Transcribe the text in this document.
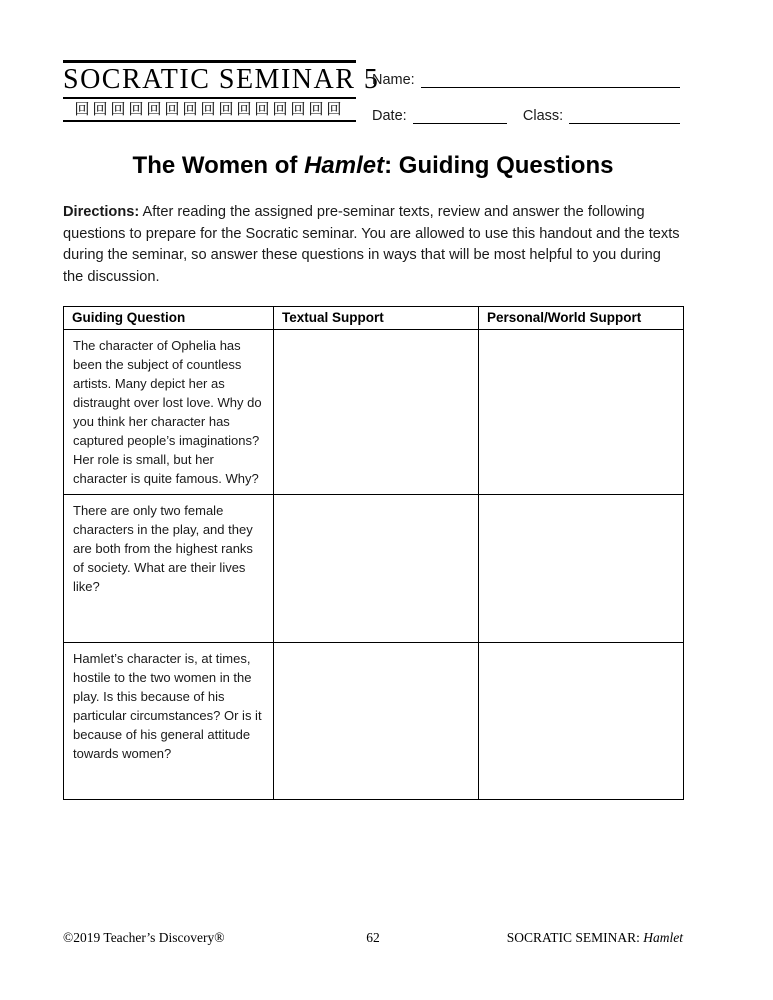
SOCRATIC SEMINAR 5
回回回回回回回回回回回回回回回
Name:
Date:	Class:
The Women of Hamlet: Guiding Questions

Directions: After reading the assigned pre-seminar texts, review and answer the following questions to prepare for the Socratic seminar. You are allowed to use this handout and the texts during the seminar, so answer these questions in ways that will be most helpful to you during the discussion.

Guiding Question	Textual Support	Personal/World Support
The character of Ophelia has been the subject of countless artists. Many depict her as distraught over lost love. Why do you think her character has captured people’s imaginations? Her role is small, but her character is quite famous. Why?		
There are only two female characters in the play, and they are both from the highest ranks of society. What are their lives like?		
Hamlet’s character is, at times, hostile to the two women in the play. Is this because of his particular circumstances? Or is it because of his general attitude towards women?		
62
©2019 Teacher’s Discovery®	SOCRATIC SEMINAR: Hamlet
